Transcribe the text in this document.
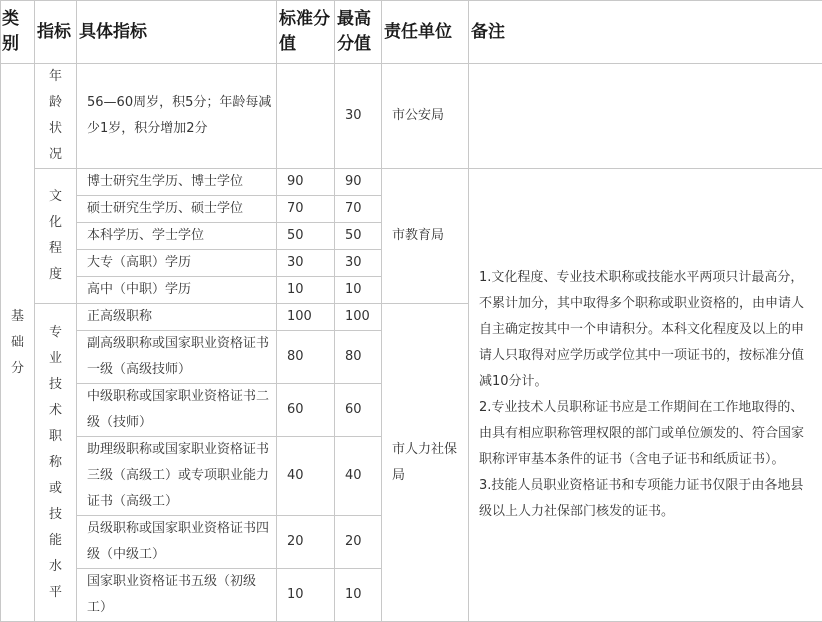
类别	指标	具体指标	标准分值	最高分值	责任单位	备注

基础分	年龄状况	56—60周岁，积5分；年龄每减少1岁，积分增加2分		30	市公安局	

	文化程度	博士研究生学历、博士学位	90	90	市教育局	1.文化程度、专业技术职称或技能水平两项只计最高分，不累计加分，其中取得多个职称或职业资格的，由申请人自主确定按其中一个申请积分。本科文化程度及以上的申请人只取得对应学历或学位其中一项证书的，按标准分值减10分计。

2.专业技术人员职称证书应是工作期间在工作地取得的、由具有相应职称管理权限的部门或单位颁发的、符合国家职称评审基本条件的证书（含电子证书和纸质证书）。

3.技能人员职业资格证书和专项能力证书仅限于由各地县级以上人力社保部门核发的证书。

		硕士研究生学历、硕士学位	70	70		
		本科学历、学士学位	50	50		
		大专（高职）学历	30	30		
		高中（中职）学历	10	10		

	专业技术职称或技能水平	正高级职称	100	100	市人力社保局	
		副高级职称或国家职业资格证书一级（高级技师）	80	80		
		中级职称或国家职业资格证书二级（技师）	60	60		
		助理级职称或国家职业资格证书三级（高级工）或专项职业能力证书（高级工）	40	40		
		员级职称或国家职业资格证书四级（中级工）	20	20		
		国家职业资格证书五级（初级工）	10	10		
